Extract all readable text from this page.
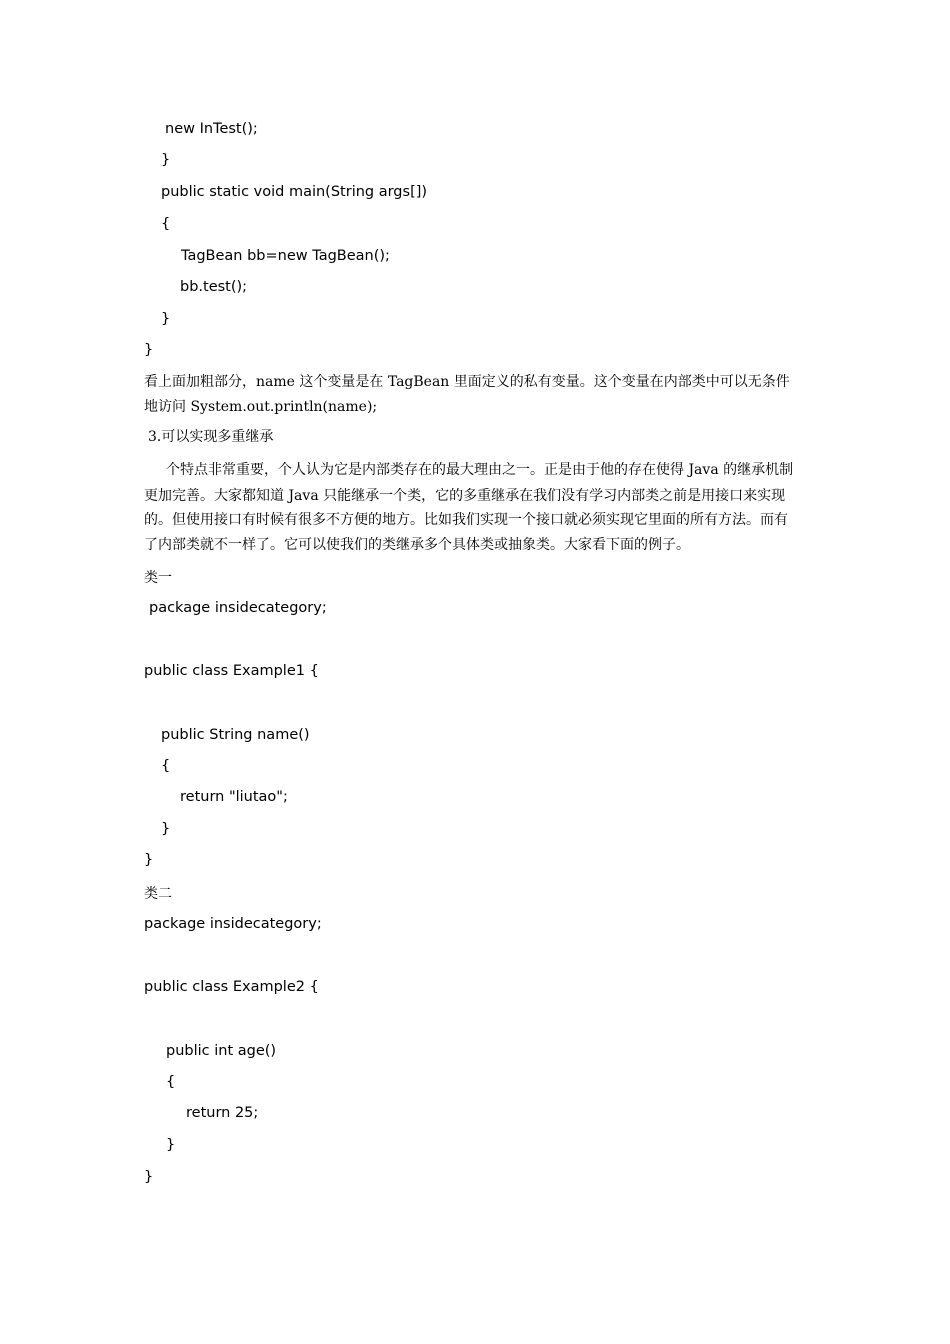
new InTest();

}

public static void main(String args[])

{

TagBean bb=new TagBean();

bb.test();

}

}

看上面加粗部分，name 这个变量是在 TagBean 里面定义的私有变量。这个变量在内部类中可以无条件

地访问 System.out.println(name);

3.可以实现多重继承

个特点非常重要，个人认为它是内部类存在的最大理由之一。正是由于他的存在使得 Java 的继承机制

更加完善。大家都知道 Java 只能继承一个类，它的多重继承在我们没有学习内部类之前是用接口来实现

的。但使用接口有时候有很多不方便的地方。比如我们实现一个接口就必须实现它里面的所有方法。而有

了内部类就不一样了。它可以使我们的类继承多个具体类或抽象类。大家看下面的例子。

类一

package insidecategory;

public class Example1 {

public String name()

{

return "liutao";

}

}

类二

package insidecategory;

public class Example2 {

public int age()

{

return 25;

}

}
